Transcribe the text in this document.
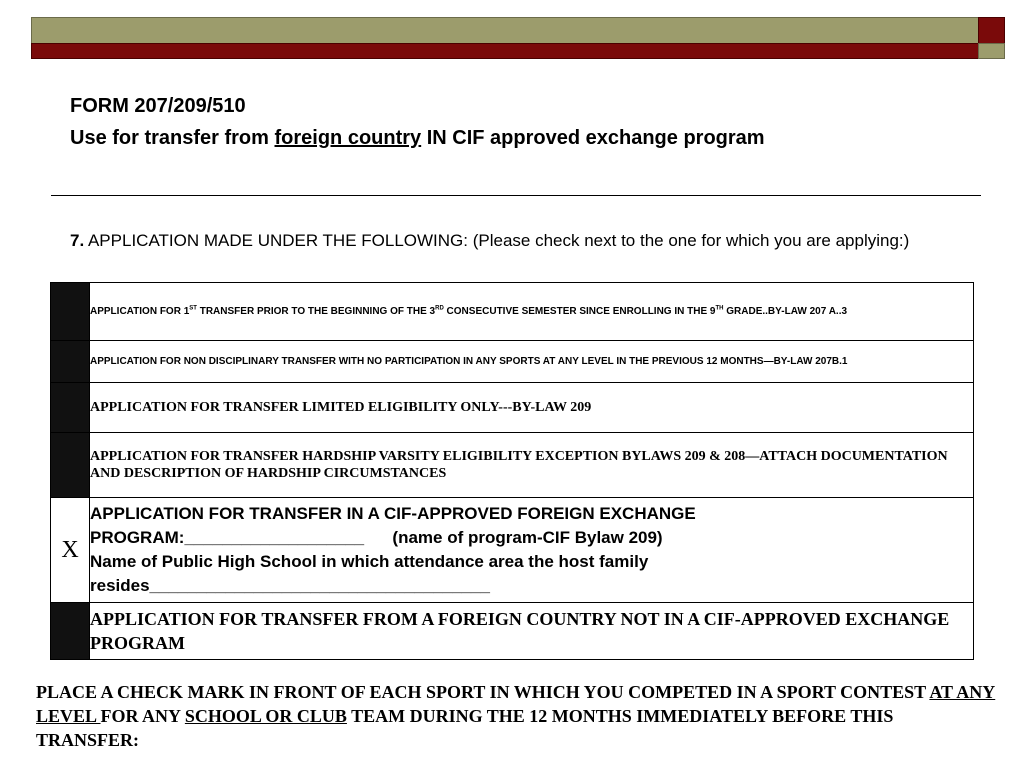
FORM 207/209/510
Use for transfer from foreign country IN CIF approved exchange program
7. APPLICATION MADE UNDER THE FOLLOWING: (Please check next to the one for which you are applying:)
	APPLICATION FOR 1ST TRANSFER PRIOR TO THE BEGINNING OF THE 3RD CONSECUTIVE SEMESTER SINCE ENROLLING IN THE 9TH GRADE..BY-LAW 207 A..3
	APPLICATION FOR NON DISCIPLINARY TRANSFER WITH NO PARTICIPATION IN ANY SPORTS AT ANY LEVEL IN THE PREVIOUS 12 MONTHS—BY-LAW 207B.1
	APPLICATION FOR TRANSFER LIMITED ELIGIBILITY ONLY---BY-LAW 209
	APPLICATION FOR TRANSFER HARDSHIP VARSITY ELIGIBILITY EXCEPTION BYLAWS 209 & 208—ATTACH DOCUMENTATION AND DESCRIPTION OF HARDSHIP CIRCUMSTANCES
X	APPLICATION FOR TRANSFER IN A CIF-APPROVED FOREIGN EXCHANGE
PROGRAM:___________________      (name of program-CIF Bylaw 209)
Name of Public High School in which attendance area the host family
resides____________________________________

	APPLICATION FOR TRANSFER FROM A FOREIGN COUNTRY NOT IN A CIF-APPROVED EXCHANGE PROGRAM
PLACE A CHECK MARK IN FRONT OF EACH SPORT IN WHICH YOU COMPETED IN A SPORT CONTEST AT ANY LEVEL FOR ANY SCHOOL OR CLUB TEAM DURING THE 12 MONTHS IMMEDIATELY BEFORE THIS TRANSFER:
